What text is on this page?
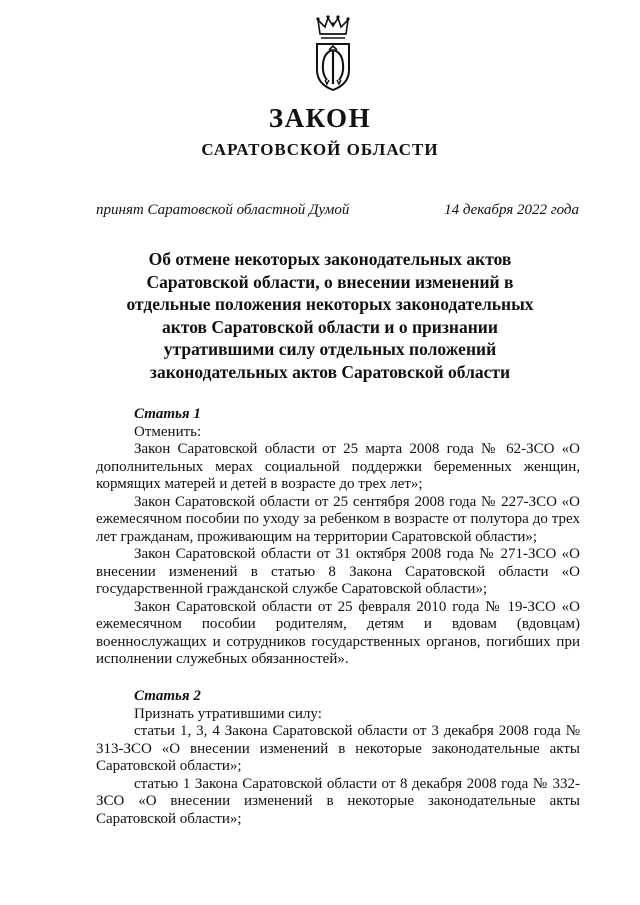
ЗАКОН
САРАТОВСКОЙ ОБЛАСТИ
принят Саратовской областной Думой	14 декабря 2022 года
Об отмене некоторых законодательных актов
Саратовской области, о внесении изменений в
отдельные положения некоторых законодательных
актов Саратовской области и о признании
утратившими силу отдельных положений
законодательных актов Саратовской области

Статья 1

Отменить:

Закон Саратовской области от 25 марта 2008 года № 62-ЗСО «О дополнительных мерах социальной поддержки беременных женщин, кормящих матерей и детей в возрасте до трех лет»;

Закон Саратовской области от 25 сентября 2008 года № 227-ЗСО «О ежемесячном пособии по уходу за ребенком в возрасте от полутора до трех лет гражданам, проживающим на территории Саратовской области»;

Закон Саратовской области от 31 октября 2008 года № 271-ЗСО «О внесении изменений в статью 8 Закона Саратовской области «О государственной гражданской службе Саратовской области»;

Закон Саратовской области от 25 февраля 2010 года № 19-ЗСО «О ежемесячном пособии родителям, детям и вдовам (вдовцам) военнослужащих и сотрудников государственных органов, погибших при исполнении служебных обязанностей».

Статья 2

Признать утратившими силу:

статьи 1, 3, 4 Закона Саратовской области от 3 декабря 2008 года № 313-ЗСО «О внесении изменений в некоторые законодательные акты Саратовской области»;

статью 1 Закона Саратовской области от 8 декабря 2008 года № 332-ЗСО «О внесении изменений в некоторые законодательные акты Саратовской области»;
